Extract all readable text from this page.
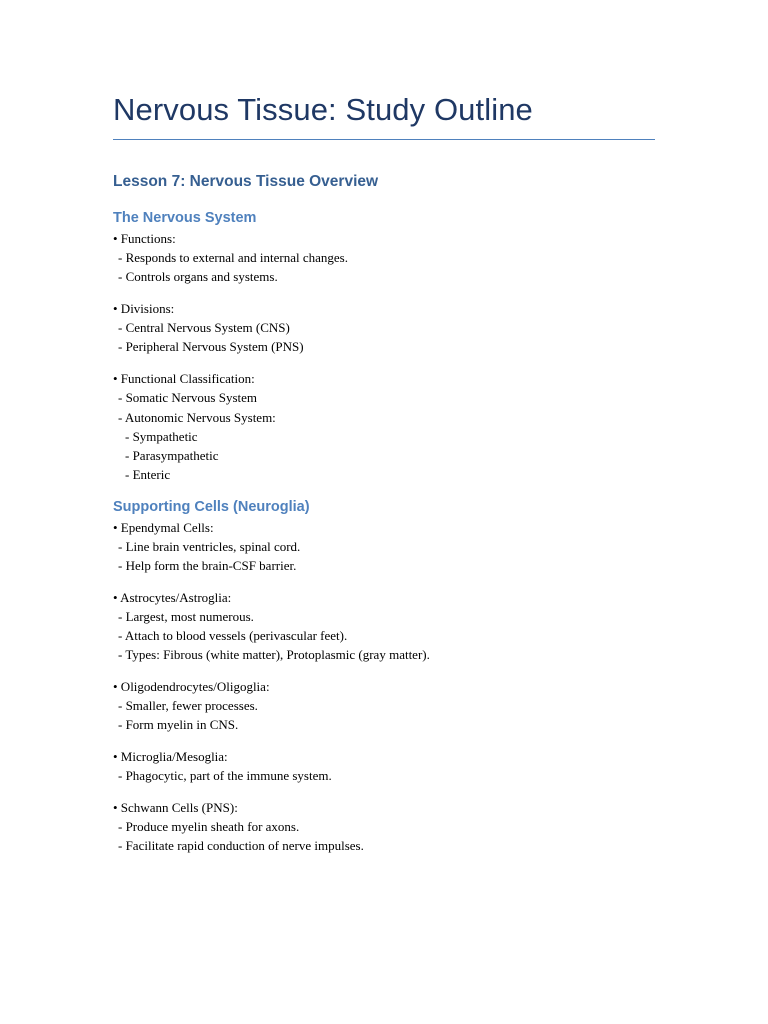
Nervous Tissue: Study Outline
Lesson 7: Nervous Tissue Overview
The Nervous System
• Functions:
- Responds to external and internal changes.
- Controls organs and systems.
• Divisions:
- Central Nervous System (CNS)
- Peripheral Nervous System (PNS)
• Functional Classification:
- Somatic Nervous System
- Autonomic Nervous System:
- Sympathetic
- Parasympathetic
- Enteric
Supporting Cells (Neuroglia)
• Ependymal Cells:
- Line brain ventricles, spinal cord.
- Help form the brain-CSF barrier.
• Astrocytes/Astroglia:
- Largest, most numerous.
- Attach to blood vessels (perivascular feet).
- Types: Fibrous (white matter), Protoplasmic (gray matter).
• Oligodendrocytes/Oligoglia:
- Smaller, fewer processes.
- Form myelin in CNS.
• Microglia/Mesoglia:
- Phagocytic, part of the immune system.
• Schwann Cells (PNS):
- Produce myelin sheath for axons.
- Facilitate rapid conduction of nerve impulses.
